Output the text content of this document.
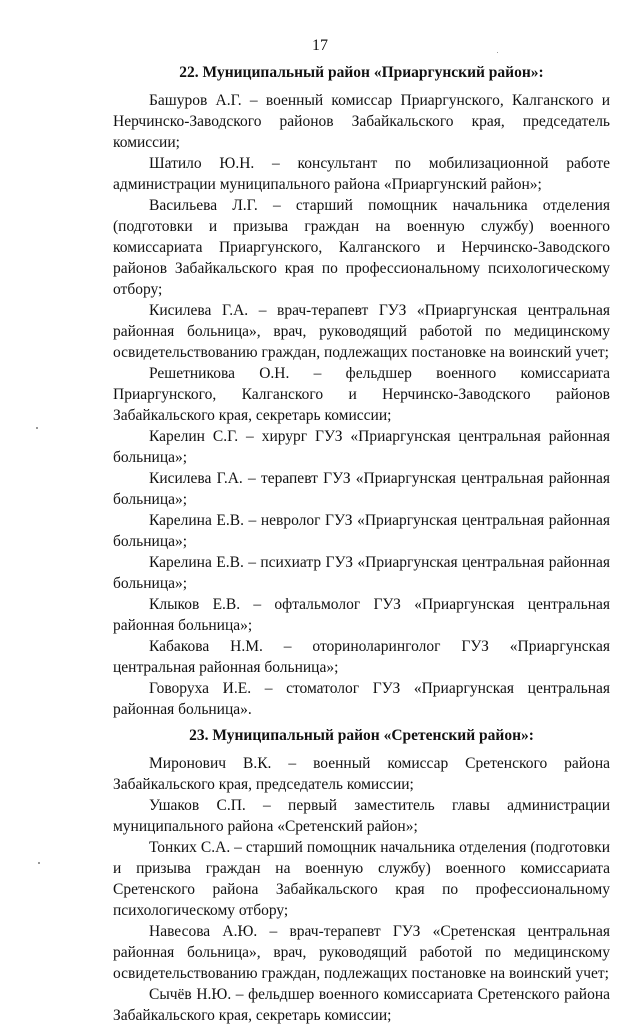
17

22. Муниципальный район «Приаргунский район»:

Башуров А.Г. – военный комиссар Приаргунского, Калганского и Нерчинско-Заводского районов Забайкальского края, председатель комиссии;

Шатило Ю.Н. – консультант по мобилизационной работе администрации муниципального района «Приаргунский район»;

Васильева Л.Г. – старший помощник начальника отделения (подготовки и призыва граждан на военную службу) военного комиссариата Приаргунского, Калганского и Нерчинско-Заводского районов Забайкальского края по профессиональному психологическому отбору;

Кисилева Г.А. – врач-терапевт ГУЗ «Приаргунская центральная районная больница», врач, руководящий работой по медицинскому освидетельствованию граждан, подлежащих постановке на воинский учет;

Решетникова О.Н. – фельдшер военного комиссариата Приаргунского, Калганского и Нерчинско-Заводского районов Забайкальского края, секретарь комиссии;

Карелин С.Г. – хирург ГУЗ «Приаргунская центральная районная больница»;

Кисилева Г.А. – терапевт ГУЗ «Приаргунская центральная районная больница»;

Карелина Е.В. – невролог ГУЗ «Приаргунская центральная районная больница»;

Карелина Е.В. – психиатр ГУЗ «Приаргунская центральная районная больница»;

Клыков Е.В. – офтальмолог ГУЗ «Приаргунская центральная районная больница»;

Кабакова Н.М. – оториноларинголог ГУЗ «Приаргунская центральная районная больница»;

Говоруха И.Е. – стоматолог ГУЗ «Приаргунская центральная районная больница».

23. Муниципальный район «Сретенский район»:

Миронович В.К. – военный комиссар Сретенского района Забайкальского края, председатель комиссии;

Ушаков С.П. – первый заместитель главы администрации муниципального района «Сретенский район»;

Тонких С.А. – старший помощник начальника отделения (подготовки и призыва граждан на военную службу) военного комиссариата Сретенского района Забайкальского края по профессиональному психологическому отбору;

Навесова А.Ю. – врач-терапевт ГУЗ «Сретенская центральная районная больница», врач, руководящий работой по медицинскому освидетельствованию граждан, подлежащих постановке на воинский учет;

Сычёв Н.Ю. – фельдшер военного комиссариата Сретенского района Забайкальского края, секретарь комиссии;
